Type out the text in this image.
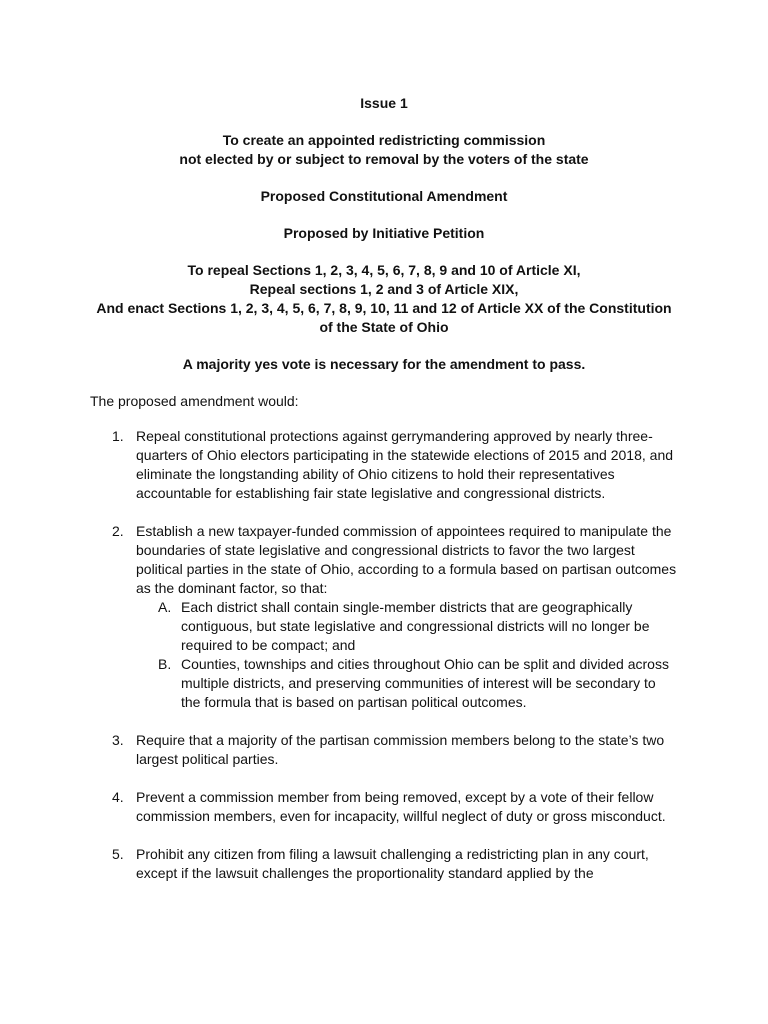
Issue 1
To create an appointed redistricting commission
not elected by or subject to removal by the voters of the state
Proposed Constitutional Amendment
Proposed by Initiative Petition
To repeal Sections 1, 2, 3, 4, 5, 6, 7, 8, 9 and 10 of Article XI,
Repeal sections 1, 2 and 3 of Article XIX,
And enact Sections 1, 2, 3, 4, 5, 6, 7, 8, 9, 10, 11 and 12 of Article XX of the Constitution
of the State of Ohio
A majority yes vote is necessary for the amendment to pass.
The proposed amendment would:
1. Repeal constitutional protections against gerrymandering approved by nearly three-quarters of Ohio electors participating in the statewide elections of 2015 and 2018, and eliminate the longstanding ability of Ohio citizens to hold their representatives accountable for establishing fair state legislative and congressional districts.
2. Establish a new taxpayer-funded commission of appointees required to manipulate the boundaries of state legislative and congressional districts to favor the two largest political parties in the state of Ohio, according to a formula based on partisan outcomes as the dominant factor, so that:
A. Each district shall contain single-member districts that are geographically contiguous, but state legislative and congressional districts will no longer be required to be compact; and
B. Counties, townships and cities throughout Ohio can be split and divided across multiple districts, and preserving communities of interest will be secondary to the formula that is based on partisan political outcomes.
3. Require that a majority of the partisan commission members belong to the state’s two largest political parties.
4. Prevent a commission member from being removed, except by a vote of their fellow commission members, even for incapacity, willful neglect of duty or gross misconduct.
5. Prohibit any citizen from filing a lawsuit challenging a redistricting plan in any court, except if the lawsuit challenges the proportionality standard applied by the
